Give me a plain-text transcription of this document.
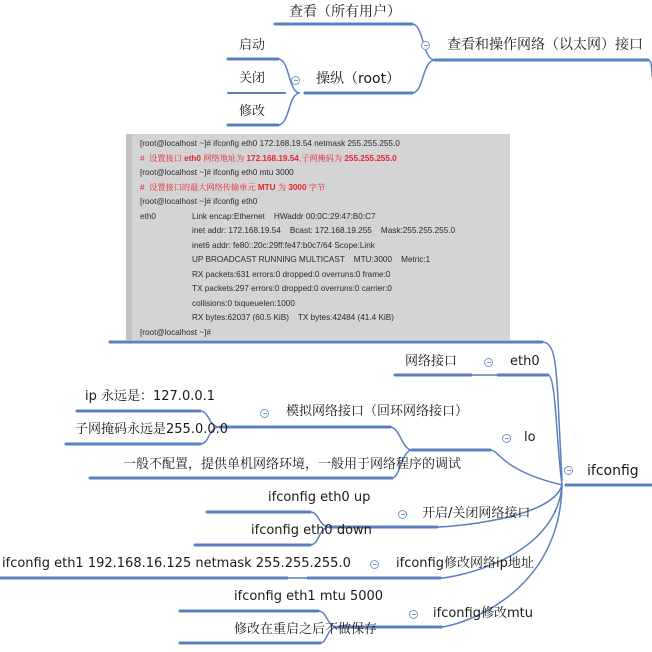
查看（所有用户）
查看和操作网络（以太网）接口
启动
关闭
修改
操纵（root）
[root@localhost ~]# ifconfig eth0 172.168.19.54 netmask 255.255.255.0
#  设置接口 eth0 网络地址为 172.168.19.54,子网掩码为 255.255.255.0
[root@localhost ~]# ifconfig eth0 mtu 3000
#  设置接口的最大网络传输单元 MTU 为 3000 字节
[root@localhost ~]# ifconfig eth0
eth0	Link encap:Ethernet    HWaddr 00:0C:29:47:B0:C7
inet addr: 172.168.19.54    Bcast: 172.168.19.255    Mask:255.255.255.0
inet6 addr: fe80::20c:29ff:fe47:b0c7/64 Scope:Link
UP BROADCAST RUNNING MULTICAST    MTU:3000    Metric:1
RX packets:631 errors:0 dropped:0 overruns:0 frame:0
TX packets:297 errors:0 dropped:0 overruns:0 carrier:0
collisions:0 txqueuelen:1000
RX bytes:62037 (60.5 KiB)    TX bytes:42484 (41.4 KiB)
[root@localhost ~]#
网络接口	eth0
ip 永远是：127.0.0.1
子网掩码永远是255.0.0.0
模拟网络接口（回环网络接口）
lo
一般不配置，提供单机网络环境，一般用于网络程序的调试	ifconfig
ifconfig eth0 up
ifconfig eth0 down
开启/关闭网络接口
ifconfig eth1 192.168.16.125 netmask 255.255.255.0	ifconfig修改网络ip地址
ifconfig eth1 mtu 5000
修改在重启之后不做保存
ifconfig修改mtu
